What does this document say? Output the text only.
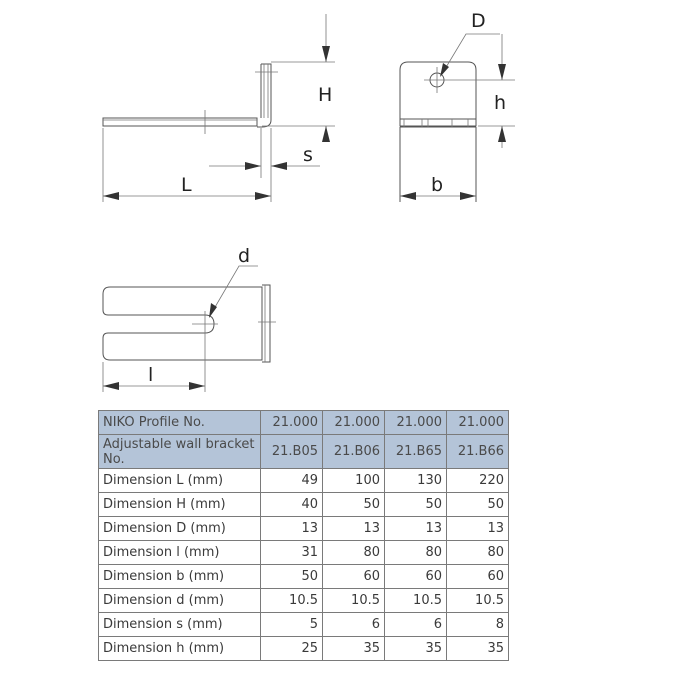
H
s
L
D
h
b
d
l
NIKO Profile No.	21.000	21.000	21.000	21.000
Adjustable wall bracket No.	21.B05	21.B06	21.B65	21.B66
Dimension L (mm)	49	100	130	220
Dimension H (mm)	40	50	50	50
Dimension D (mm)	13	13	13	13
Dimension l (mm)	31	80	80	80
Dimension b (mm)	50	60	60	60
Dimension d (mm)	10.5	10.5	10.5	10.5
Dimension s (mm)	5	6	6	8
Dimension h (mm)	25	35	35	35
